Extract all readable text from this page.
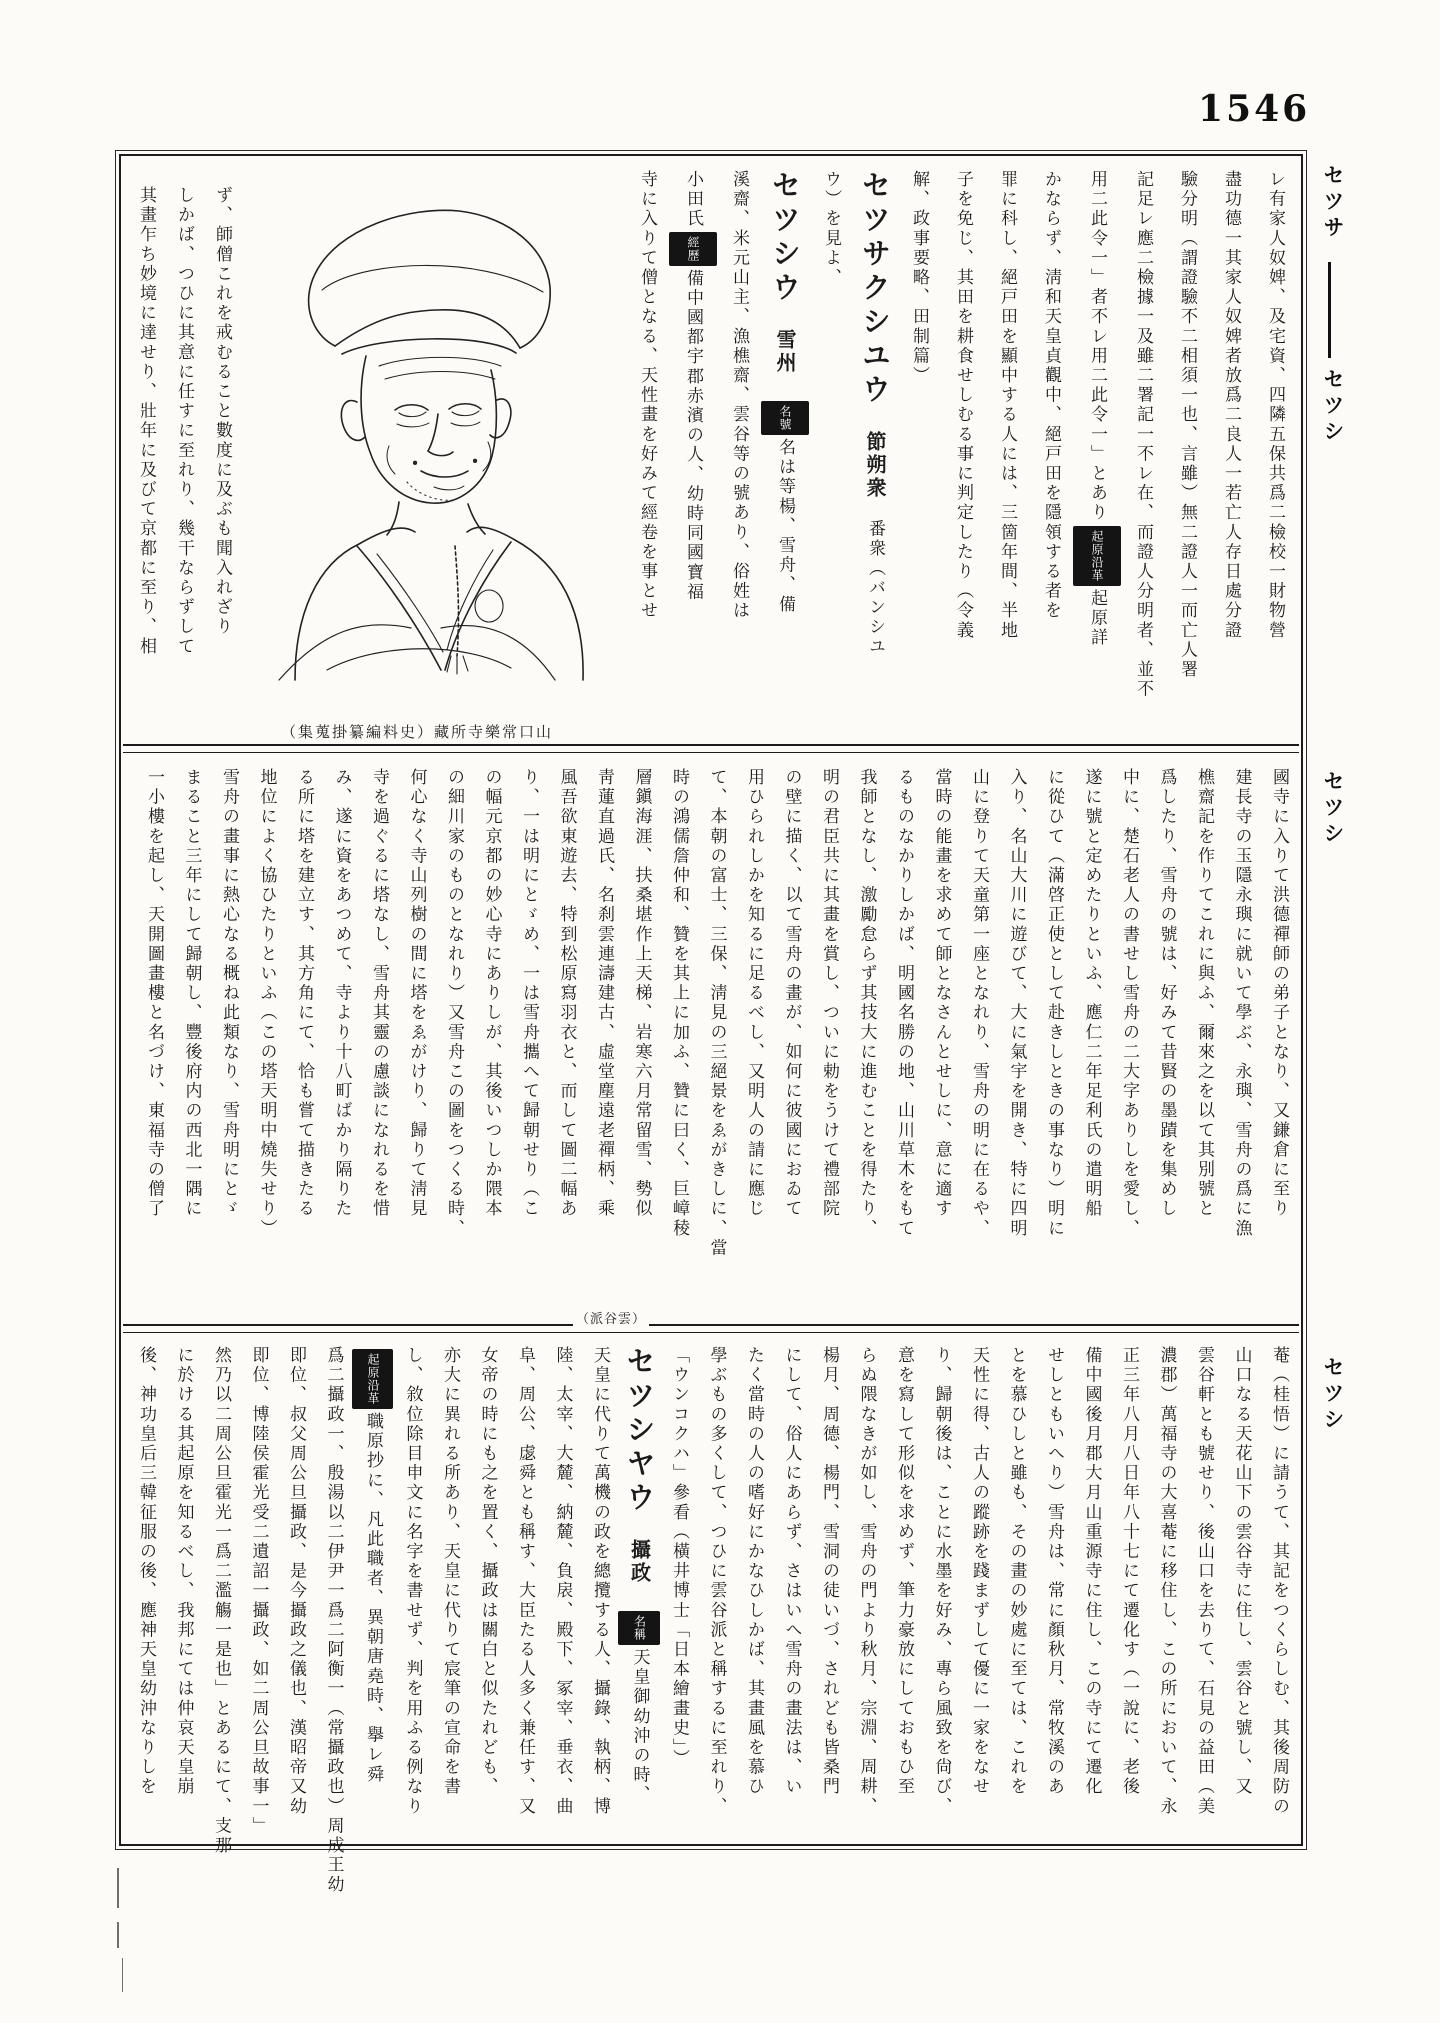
1546
セツサ
セツシ
セツシ
セツシ

レ有家人奴婢、及宅資、四隣五保共爲二檢校一財物營

盡功德一其家人奴婢者放爲二良人一若亡人存日處分證

驗分明（謂證驗不二相須一也、言雖）無二證人一而亡人署

記足レ應二檢據一及雖二署記一不レ在、而證人分明者、並不

用二此令一」者不レ用二此令一」とあり起原沿革起原詳

かならず、淸和天皇貞觀中、絕戸田を隱領する者を

罪に科し、絕戸田を顯中する人には、三箇年間、半地

子を免じ、其田を耕食せしむる事に判定したり（令義

解、政事要略、田制篇）

セツサクシユウ　節朔衆　番衆（バンシユ

ウ）を見よ、

セツシウ　雪州　名號名は等楊、雪舟、備

溪齋、米元山主、漁樵齋、雲谷等の號あり、俗姓は

小田氏經歷備中國都宇郡赤濱の人、幼時同國寶福

寺に入りて僧となる、天性畫を好みて經卷を事とせ

（集蒐掛纂編料史）藏所寺樂常口山

ず、師僧これを戒むること數度に及ぶも聞入れざり

しかば、つひに其意に任すに至れり、幾干ならずして

其畫乍ち妙境に達せり、壯年に及びて京都に至り、相

國寺に入りて洪德禪師の弟子となり、又鎌倉に至り

建長寺の玉隱永璵に就いて學ぶ、永璵、雪舟の爲に漁

樵齋記を作りてこれに與ふ、爾來之を以て其別號と

爲したり、雪舟の號は、好みて昔賢の墨蹟を集めし

中に、楚石老人の書せし雪舟の二大字ありしを愛し、

遂に號と定めたりといふ、應仁二年足利氏の遣明船

に從ひて（滿啓正使として赴きしときの事なり）明に

入り、名山大川に遊びて、大に氣宇を開き、特に四明

山に登りて天童第一座となれり、雪舟の明に在るや、

當時の能畫を求めて師となさんとせしに、意に適す

るものなかりしかば、明國名勝の地、山川草木をもて

我師となし、激勵怠らず其技大に進むことを得たり、

明の君臣共に其畫を賞し、ついに勅をうけて禮部院

の壁に描く、以て雪舟の畫が、如何に彼國におゐて

用ひられしかを知るに足るべし、又明人の請に應じ

て、本朝の富士、三保、淸見の三絕景をゑがきしに、當

時の鴻儒詹仲和、贊を其上に加ふ、贊に曰く、巨嶂稜

層鎭海涯、扶桑堪作上天梯、岩寒六月常留雪、勢似

靑蓮直過氏、名刹雲連濤建古、虛堂塵遠老禪柄、乘

風吾欲東遊去、特到松原寫羽衣と、而して圖二幅あ

り、一は明にとゞめ、一は雪舟攜へて歸朝せり（こ

の幅元京都の妙心寺にありしが、其後いつしか隈本

の細川家のものとなれり）又雪舟この圖をつくる時、

何心なく寺山列樹の間に塔をゑがけり、歸りて淸見

寺を過ぐるに塔なし、雪舟其靈の慮談になれるを惜

み、遂に資をあつめて、寺より十八町ばかり隔りた

る所に塔を建立す、其方角にて、恰も嘗て描きたる

地位によく協ひたりといふ（この塔天明中燒失せり）

雪舟の畫事に熱心なる概ね此類なり、雪舟明にとゞ

まること三年にして歸朝し、豐後府内の西北一隅に

一小樓を起し、天開圖畫樓と名づけ、東福寺の僧了

（派谷雲）

菴（桂悟）に請うて、其記をつくらしむ、其後周防の

山口なる天花山下の雲谷寺に住し、雲谷と號し、又

雲谷軒とも號せり、後山口を去りて、石見の益田（美

濃郡）萬福寺の大喜菴に移住し、この所において、永

正三年八月八日年八十七にて遷化す（一說に、老後

備中國後月郡大月山重源寺に住し、この寺にて遷化

せしともいへり）雪舟は、常に顏秋月、常牧溪のあ

とを慕ひしと雖も、その畫の妙處に至ては、これを

天性に得、古人の蹤跡を踐まずして優に一家をなせ

り、歸朝後は、ことに水墨を好み、專ら風致を尙び、

意を寫して形似を求めず、筆力豪放にしておもひ至

らぬ隈なきが如し、雪舟の門より秋月、宗淵、周耕、

楊月、周德、楊門、雪洞の徒いづ、されども皆桑門

にして、俗人にあらず、さはいへ雪舟の畫法は、い

たく當時の人の嗜好にかなひしかば、其畫風を慕ひ

學ぶもの多くして、つひに雲谷派と稱するに至れり、

「ウンコクハ」參看（橫井博士「日本繪畫史」）

セツシヤウ　攝政　名稱天皇御幼沖の時、

天皇に代りて萬機の政を總攬する人、攝錄、執柄、博

陸、太宰、大麓、納麓、負扆、殿下、冢宰、垂衣、曲

阜、周公、虙舜とも稱す、大臣たる人多く兼任す、又

女帝の時にも之を置く、攝政は關白と似たれども、

亦大に異れる所あり、天皇に代りて宸筆の宣命を書

し、敘位除目申文に名字を書せず、判を用ふる例なり

起原沿革職原抄に、凡此職者、異朝唐堯時、擧レ舜

爲二攝政一、殷湯以二伊尹一爲二阿衡一（常攝政也）周成王幼

即位、叔父周公旦攝政、是今攝政之儀也、漢昭帝又幼

即位、博陸侯霍光受二遺詔一攝政、如二周公旦故事一」

然乃以二周公旦霍光一爲二濫觴一是也」とあるにて、支那

に於ける其起原を知るべし、我邦にては仲哀天皇崩

後、神功皇后三韓征服の後、應神天皇幼沖なりしを
